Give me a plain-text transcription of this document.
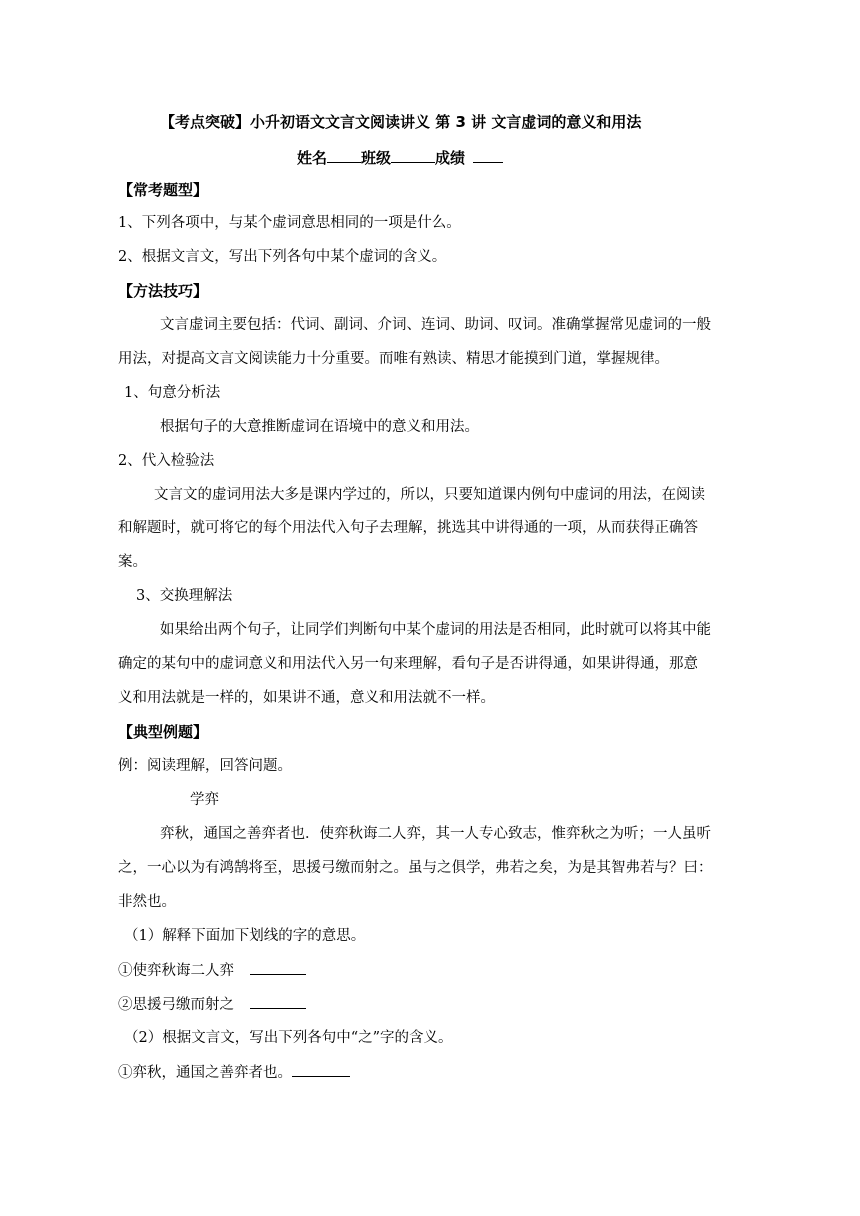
【考点突破】小升初语文文言文阅读讲义 第 3 讲 文言虚词的意义和用法
姓名 班级	成绩
【常考题型】
1、下列各项中，与某个虚词意思相同的一项是什么。
2、根据文言文，写出下列各句中某个虚词的含义。
【方法技巧】
文言虚词主要包括：代词、副词、介词、连词、助词、叹词。准确掌握常见虚词的一般
用法，对提高文言文阅读能力十分重要。而唯有熟读、精思才能摸到门道，掌握规律。
1、句意分析法
根据句子的大意推断虚词在语境中的意义和用法。
2、代入检验法
文言文的虚词用法大多是课内学过的，所以，只要知道课内例句中虚词的用法，在阅读
和解题时，就可将它的每个用法代入句子去理解，挑选其中讲得通的一项，从而获得正确答
案。
3、交换理解法
如果给出两个句子，让同学们判断句中某个虚词的用法是否相同，此时就可以将其中能
确定的某句中的虚词意义和用法代入另一句来理解，看句子是否讲得通，如果讲得通，那意
义和用法就是一样的，如果讲不通，意义和用法就不一样。
【典型例题】
例：阅读理解，回答问题。
学弈
弈秋，通国之善弈者也．使弈秋诲二人弈，其一人专心致志，惟弈秋之为听；一人虽听
之，一心以为有鸿鹄将至，思援弓缴而射之。虽与之俱学，弗若之矣，为是其智弗若与？曰：
非然也。
（1）解释下面加下划线的字的意思。
①使弈秋诲二人弈
②思援弓缴而射之
（2）根据文言文，写出下列各句中“之”字的含义。
①弈秋，通国之善弈者也。
